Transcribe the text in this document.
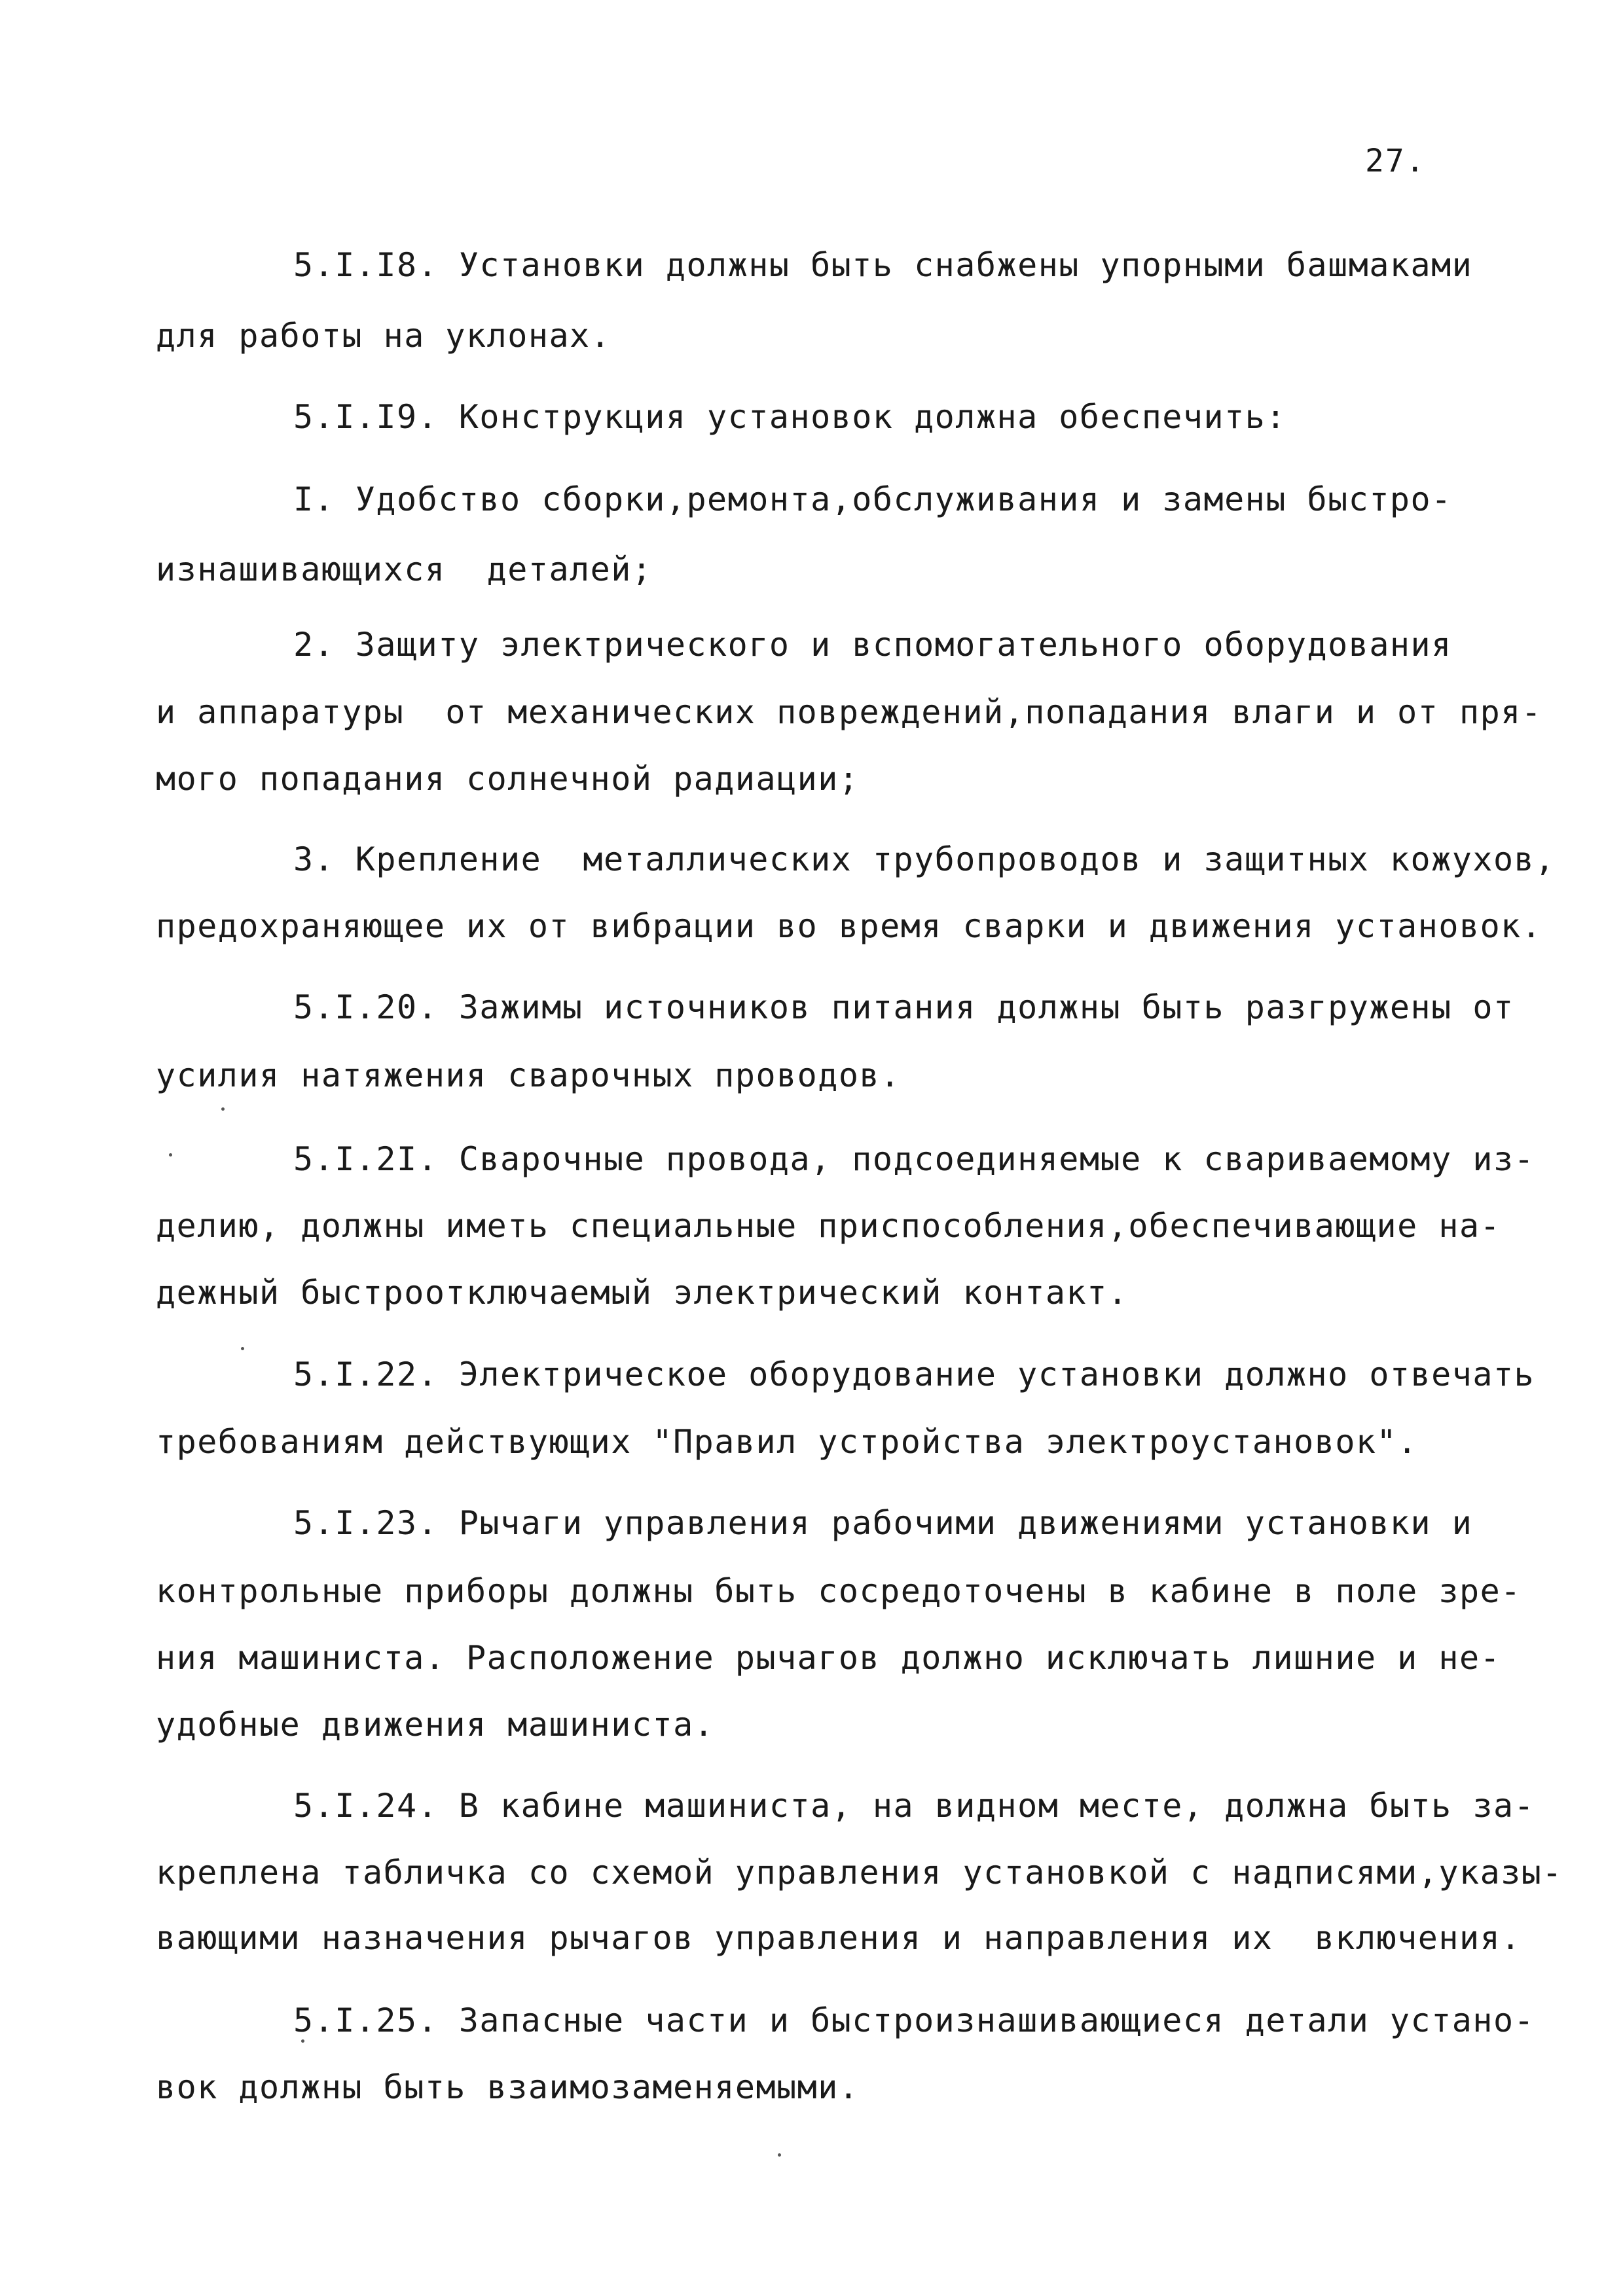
27.
5.I.I8. Установки должны быть снабжены упорными башмаками
для работы на уклонах.
5.I.I9. Конструкция установок должна обеспечить:
I. Удобство сборки,ремонта,обслуживания и замены быстро-
изнашивающихся  деталей;
2. Защиту электрического и вспомогательного оборудования
и аппаратуры  от механических повреждений,попадания влаги и от пря-
мого попадания солнечной радиации;
3. Крепление  металлических трубопроводов и защитных кожухов,
предохраняющее их от вибрации во время сварки и движения установок.
5.I.20. Зажимы источников питания должны быть разгружены от
усилия натяжения сварочных проводов.
5.I.2I. Сварочные провода, подсоединяемые к свариваемому из-
делию, должны иметь специальные приспособления,обеспечивающие на-
дежный быстроотключаемый электрический контакт.
5.I.22. Электрическое оборудование установки должно отвечать
требованиям действующих "Правил устройства электроустановок".
5.I.23. Рычаги управления рабочими движениями установки и
контрольные приборы должны быть сосредоточены в кабине в поле зре-
ния машиниста. Расположение рычагов должно исключать лишние и не-
удобные движения машиниста.
5.I.24. В кабине машиниста, на видном месте, должна быть за-
креплена табличка со схемой управления установкой с надписями,указы-
вающими назначения рычагов управления и направления их  включения.
5.I.25. Запасные части и быстроизнашивающиеся детали устано-
вок должны быть взаимозаменяемыми.
